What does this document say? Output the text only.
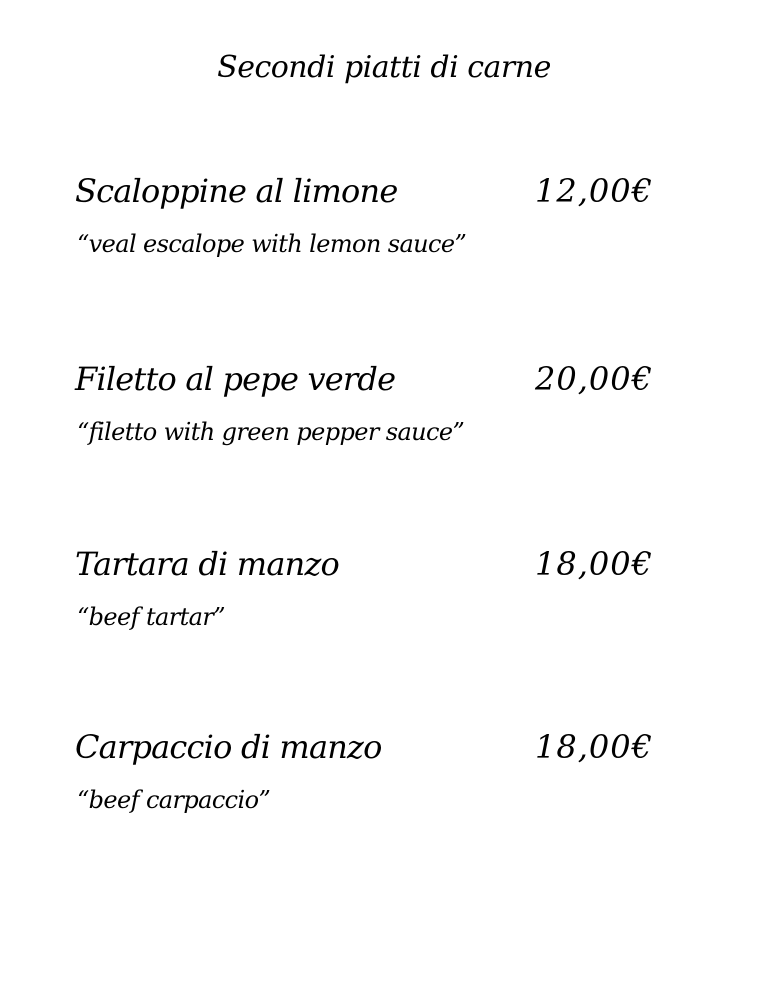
Secondi piatti di carne
Scaloppine al limone	12,00€
“veal escalope with lemon sauce”
Filetto al pepe verde	20,00€
“filetto with green pepper sauce”
Tartara di manzo	18,00€
“beef tartar”
Carpaccio di manzo	18,00€
“beef carpaccio”
